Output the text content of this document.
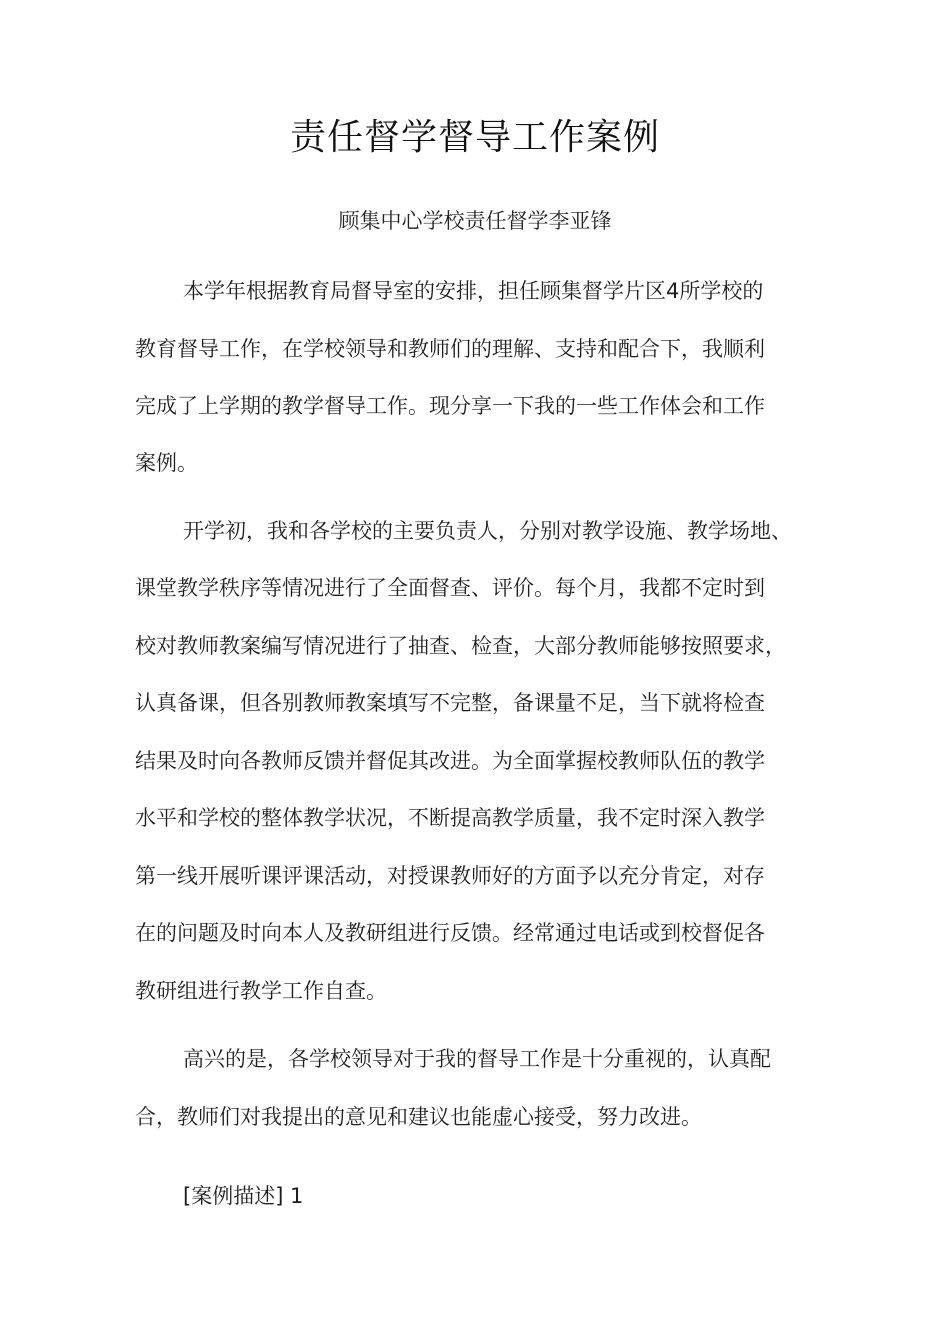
责任督学督导工作案例

顾集中心学校责任督学李亚锋

本学年根据教育局督导室的安排，担任顾集督学片区4所学校的

教育督导工作，在学校领导和教师们的理解、支持和配合下，我顺利

完成了上学期的教学督导工作。现分享一下我的一些工作体会和工作

案例。

开学初，我和各学校的主要负责人，分别对教学设施、教学场地、

课堂教学秩序等情况进行了全面督查、评价。每个月，我都不定时到

校对教师教案编写情况进行了抽查、检查，大部分教师能够按照要求，

认真备课，但各别教师教案填写不完整，备课量不足，当下就将检查

结果及时向各教师反馈并督促其改进。为全面掌握校教师队伍的教学

水平和学校的整体教学状况，不断提高教学质量，我不定时深入教学

第一线开展听课评课活动，对授课教师好的方面予以充分肯定，对存

在的问题及时向本人及教研组进行反馈。经常通过电话或到校督促各

教研组进行教学工作自查。

高兴的是，各学校领导对于我的督导工作是十分重视的，认真配

合，教师们对我提出的意见和建议也能虚心接受，努力改进。

[案例描述] 1
